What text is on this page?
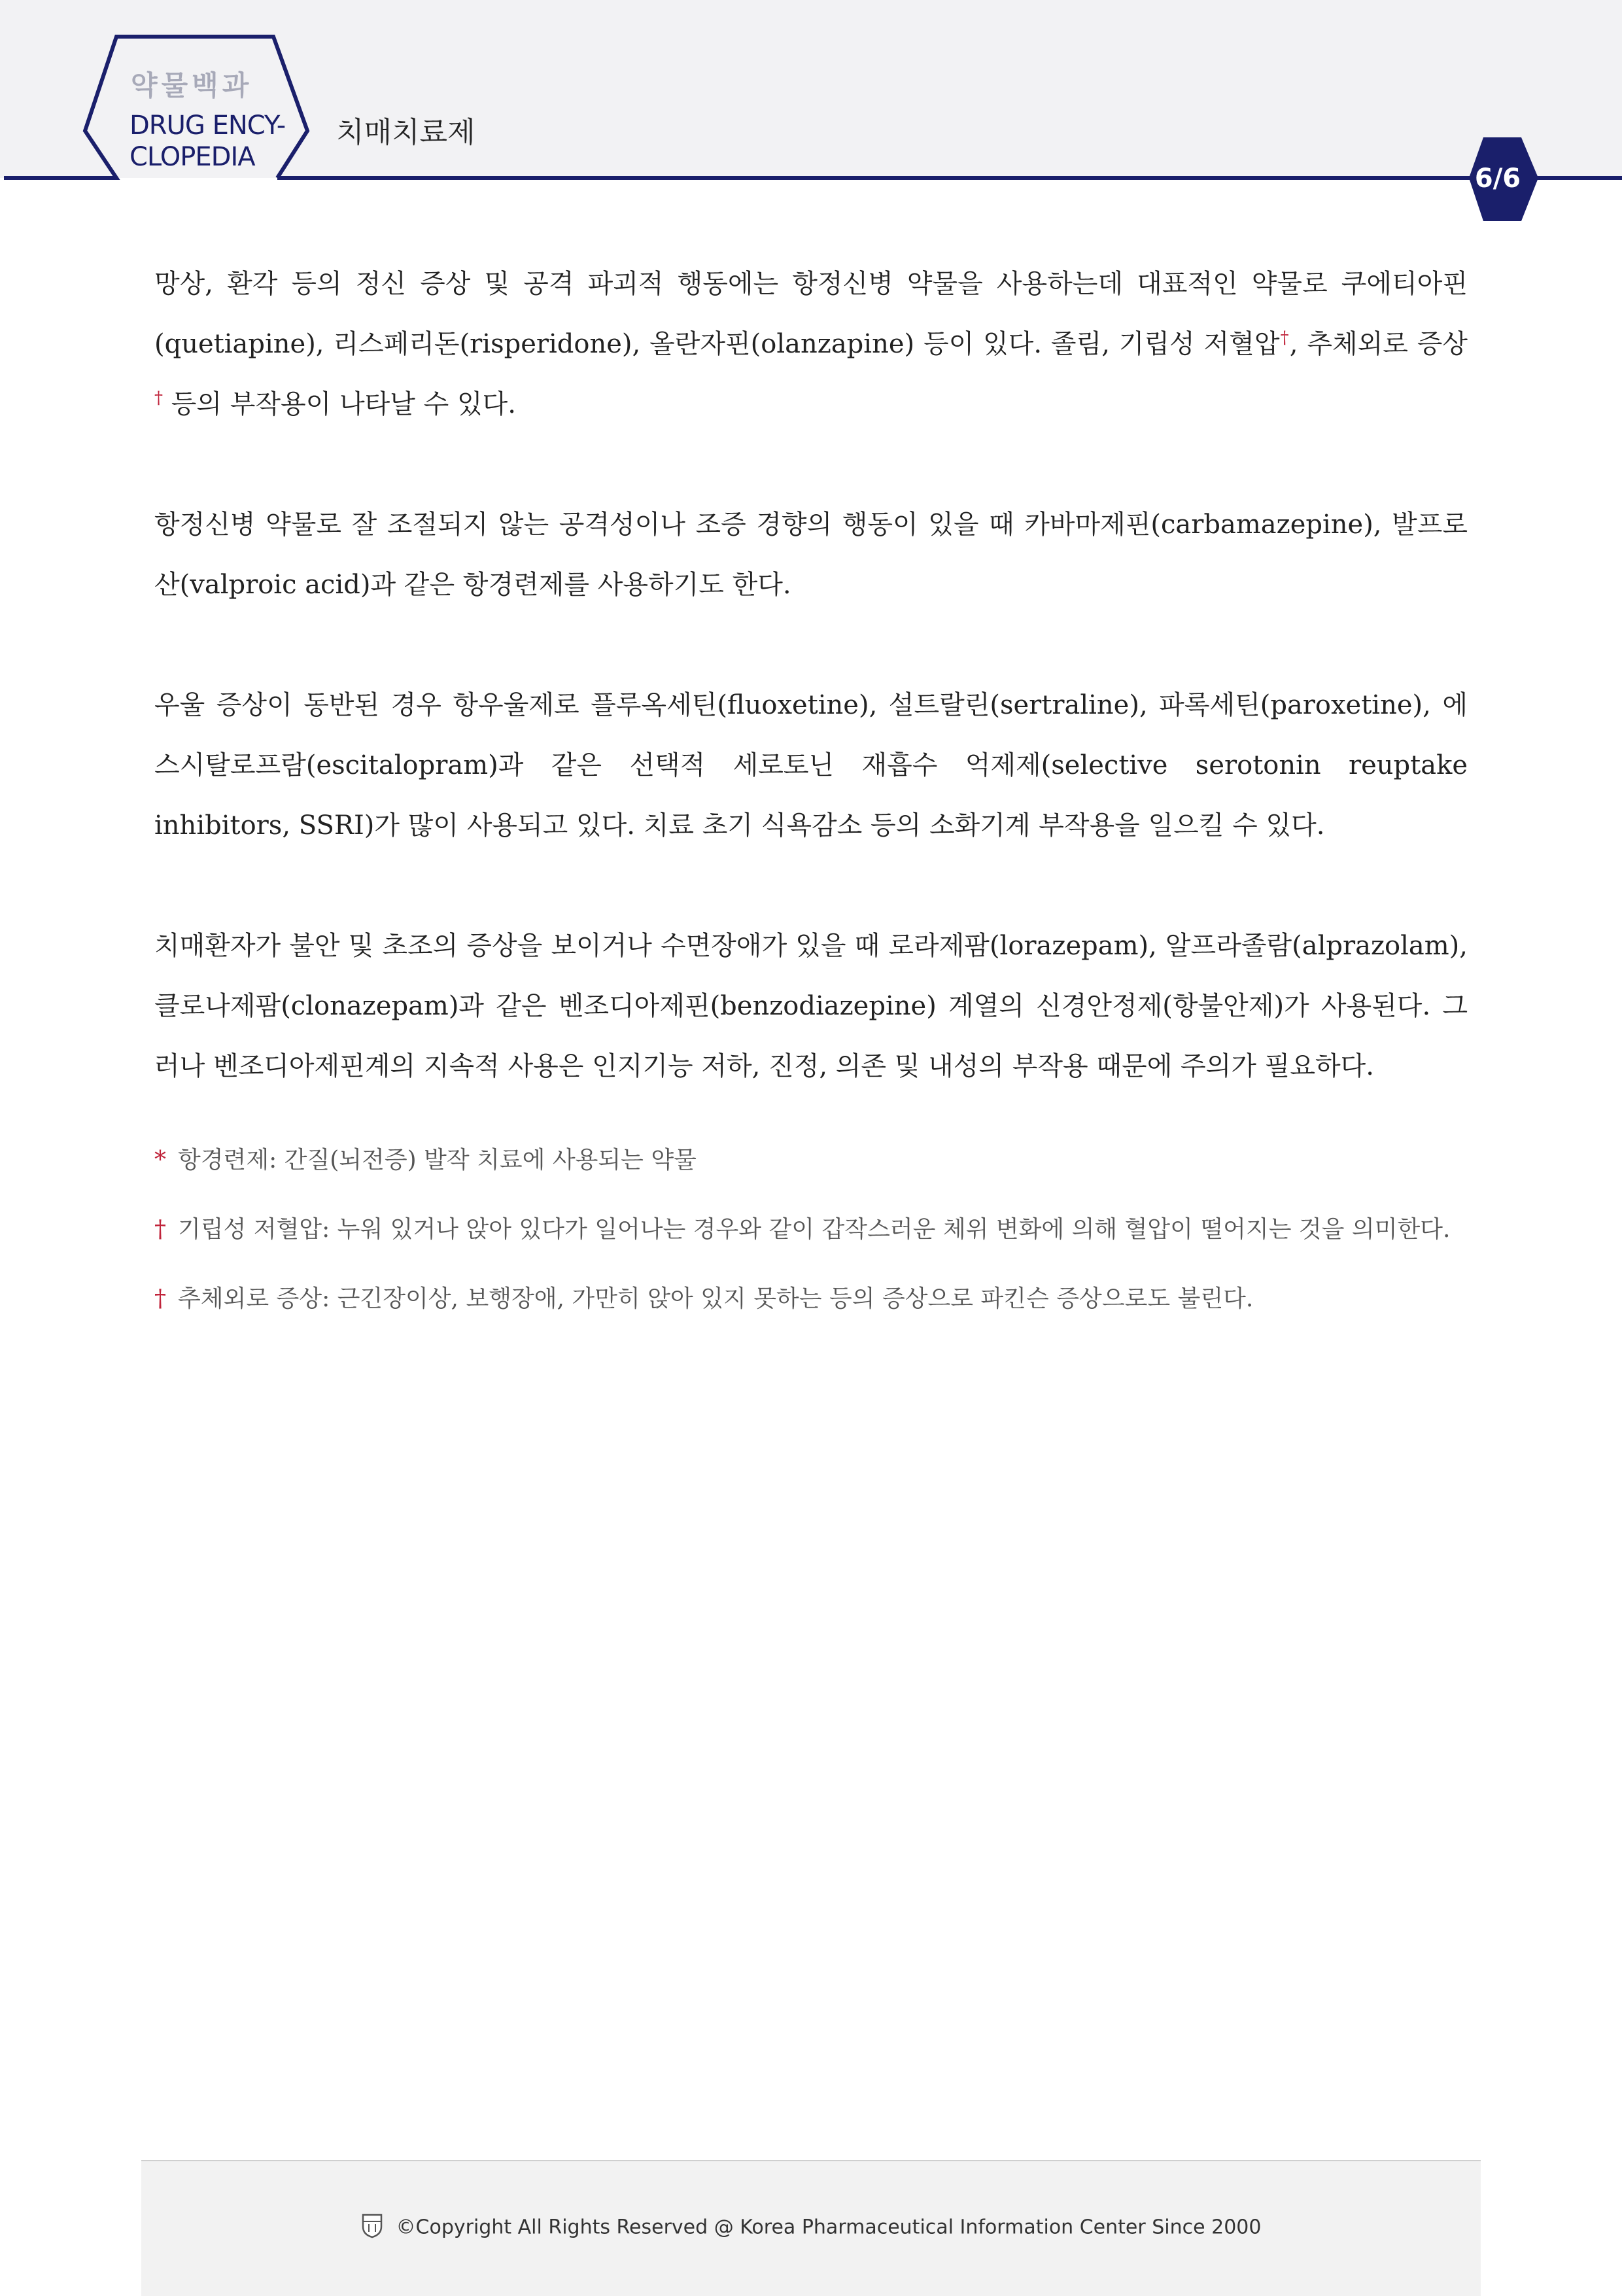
약물백과
DRUG ENCY-
CLOPEDIA
치매치료제
6/6

망상, 환각 등의 정신 증상 및 공격 파괴적 행동에는 항정신병 약물을 사용하는데 대표적인 약물로 쿠에티아핀(quetiapine), 리스페리돈(risperidone), 올란자핀(olanzapine) 등이 있다. 졸림, 기립성 저혈압†, 추체외로 증상† 등의 부작용이 나타날 수 있다.

항정신병 약물로 잘 조절되지 않는 공격성이나 조증 경향의 행동이 있을 때 카바마제핀(carbamazepine), 발프로산(valproic acid)과 같은 항경련제를 사용하기도 한다.

우울 증상이 동반된 경우 항우울제로 플루옥세틴(fluoxetine), 설트랄린(sertraline), 파록세틴(paroxetine), 에스시탈로프람(escitalopram)과 같은 선택적 세로토닌 재흡수 억제제(selective serotonin reuptake inhibitors, SSRI)가 많이 사용되고 있다. 치료 초기 식욕감소 등의 소화기계 부작용을 일으킬 수 있다.

치매환자가 불안 및 초조의 증상을 보이거나 수면장애가 있을 때 로라제팜(lorazepam), 알프라졸람(alprazolam), 클로나제팜(clonazepam)과 같은 벤조디아제핀(benzodiazepine) 계열의 신경안정제(항불안제)가 사용된다. 그러나 벤조디아제핀계의 지속적 사용은 인지기능 저하, 진정, 의존 및 내성의 부작용 때문에 주의가 필요하다.

* 항경련제: 간질(뇌전증) 발작 치료에 사용되는 약물

† 기립성 저혈압: 누워 있거나 앉아 있다가 일어나는 경우와 같이 갑작스러운 체위 변화에 의해 혈압이 떨어지는 것을 의미한다.

† 추체외로 증상: 근긴장이상, 보행장애, 가만히 앉아 있지 못하는 등의 증상으로 파킨슨 증상으로도 불린다.

©Copyright All Rights Reserved @ Korea Pharmaceutical Information Center Since 2000
